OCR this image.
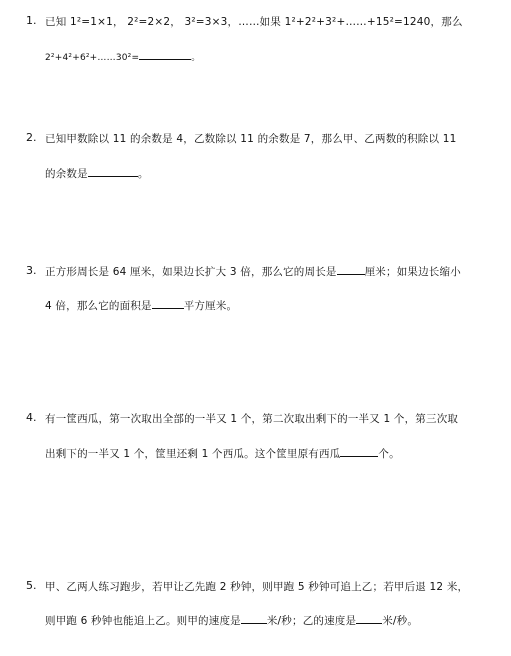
1. 已知 1²=1×1， 2²=2×2， 3²=3×3，……如果 1²+2²+3²+……+15²=1240，那么
2²+4²+6²+……30²=	。
2. 已知甲数除以 11 的余数是 4，乙数除以 11 的余数是 7，那么甲、乙两数的积除以 11
的余数是	。
3. 正方形周长是 64 厘米，如果边长扩大 3 倍，那么它的周长是	厘米；如果边长缩小
4 倍，那么它的面积是	平方厘米。
4. 有一筐西瓜，第一次取出全部的一半又 1 个，第二次取出剩下的一半又 1 个，第三次取
出剩下的一半又 1 个，筐里还剩 1 个西瓜。这个筐里原有西瓜	个。
5. 甲、乙两人练习跑步，若甲让乙先跑 2 秒钟，则甲跑 5 秒钟可追上乙；若甲后退 12 米，
则甲跑 6 秒钟也能追上乙。则甲的速度是 米/秒；乙的速度是 米/秒。
